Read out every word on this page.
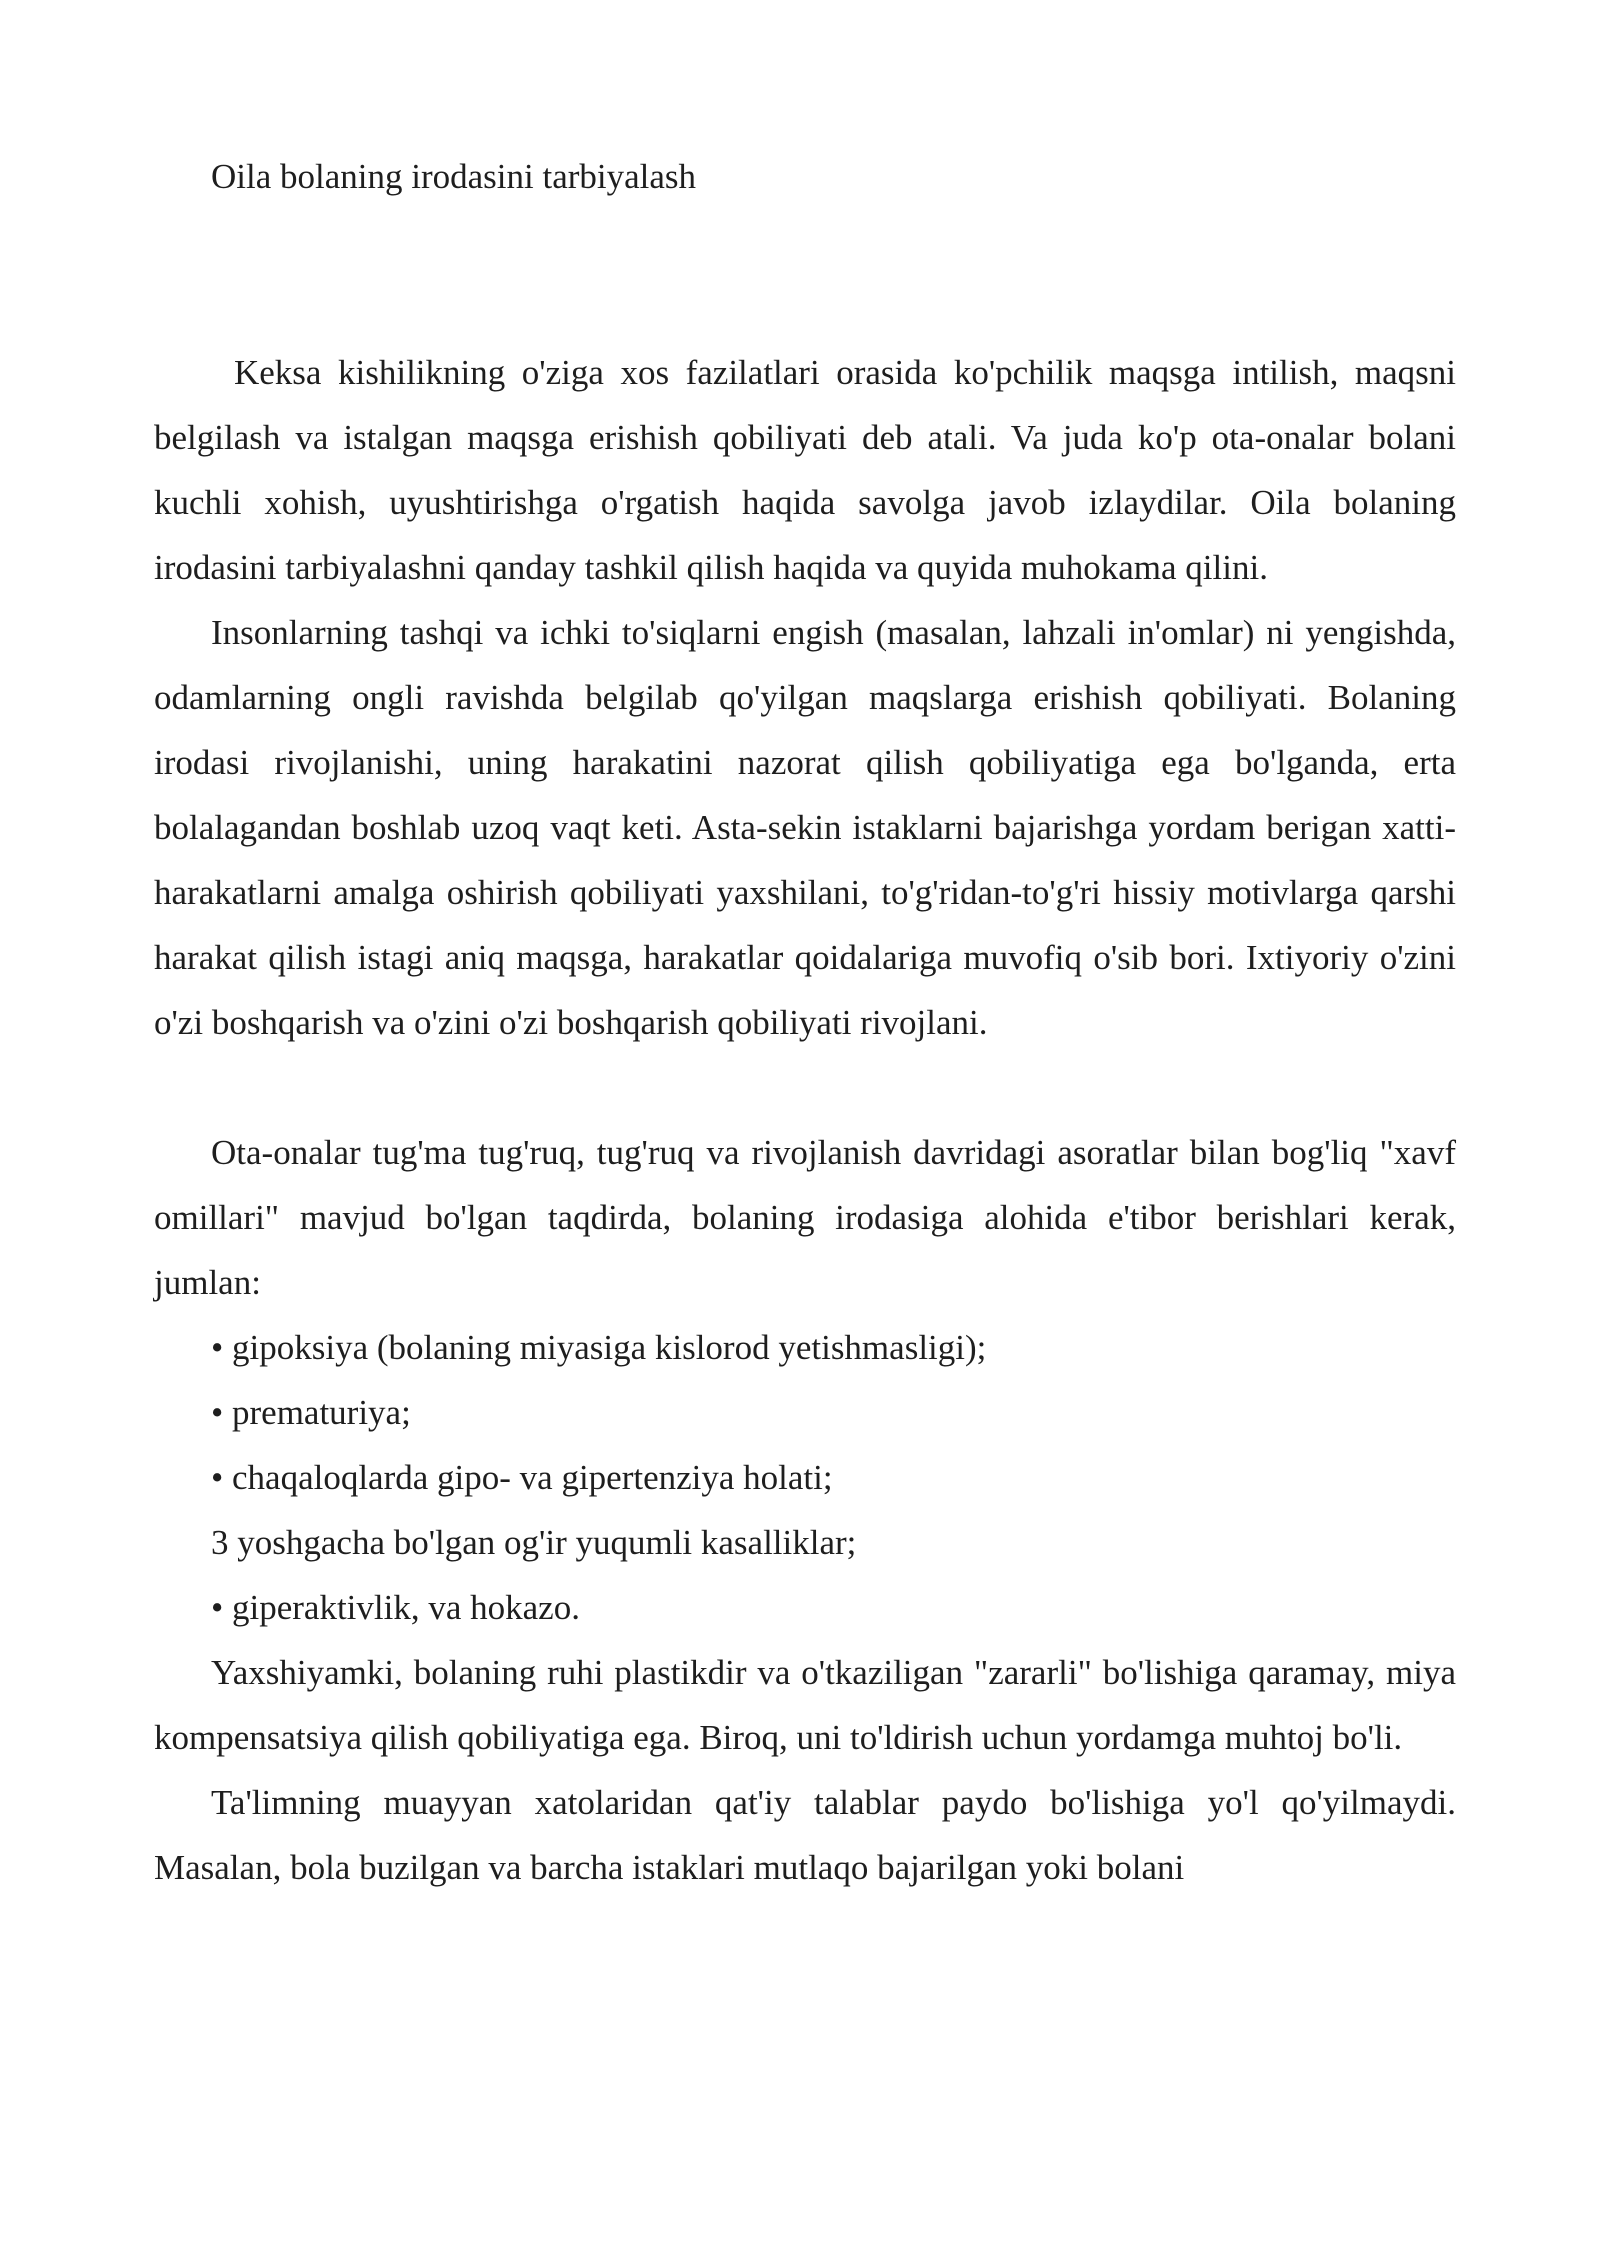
Oila bolaning irodasini tarbiyalash

Keksa kishilikning o'ziga xos fazilatlari orasida ko'pchilik maqsga intilish, maqsni belgilash va istalgan maqsga erishish qobiliyati deb atali. Va juda ko'p ota-onalar bolani kuchli xohish, uyushtirishga o'rgatish haqida savolga javob izlaydilar. Oila bolaning irodasini tarbiyalashni qanday tashkil qilish haqida va quyida muhokama qilini.

Insonlarning tashqi va ichki to'siqlarni engish (masalan, lahzali in'omlar) ni yengishda, odamlarning ongli ravishda belgilab qo'yilgan maqslarga erishish qobiliyati. Bolaning irodasi rivojlanishi, uning harakatini nazorat qilish qobiliyatiga ega bo'lganda, erta bolalagandan boshlab uzoq vaqt keti. Asta-sekin istaklarni bajarishga yordam berigan xatti-harakatlarni amalga oshirish qobiliyati yaxshilani, to'g'ridan-to'g'ri hissiy motivlarga qarshi harakat qilish istagi aniq maqsga, harakatlar qoidalariga muvofiq o'sib bori. Ixtiyoriy o'zini o'zi boshqarish va o'zini o'zi boshqarish qobiliyati rivojlani.

Ota-onalar tug'ma tug'ruq, tug'ruq va rivojlanish davridagi asoratlar bilan bog'liq "xavf omillari" mavjud bo'lgan taqdirda, bolaning irodasiga alohida e'tibor berishlari kerak, jumlan:

• gipoksiya (bolaning miyasiga kislorod yetishmasligi);

• prematuriya;

• chaqaloqlarda gipo- va gipertenziya holati;

3 yoshgacha bo'lgan og'ir yuqumli kasalliklar;

• giperaktivlik, va hokazo.

Yaxshiyamki, bolaning ruhi plastikdir va o'tkaziligan "zararli" bo'lishiga qaramay, miya kompensatsiya qilish qobiliyatiga ega. Biroq, uni to'ldirish uchun yordamga muhtoj bo'li.

Ta'limning muayyan xatolaridan qat'iy talablar paydo bo'lishiga yo'l qo'yilmaydi. Masalan, bola buzilgan va barcha istaklari mutlaqo bajarilgan yoki bolani
